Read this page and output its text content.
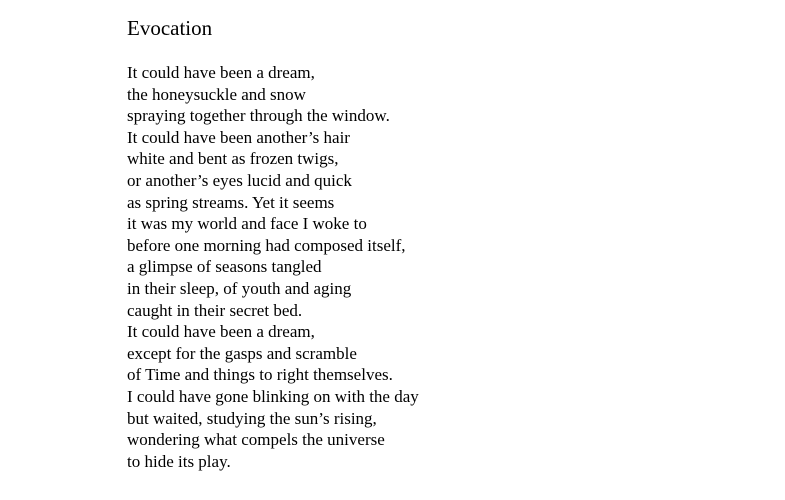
Evocation
It could have been a dream,
the honeysuckle and snow
spraying together through the window.
It could have been another’s hair
white and bent as frozen twigs,
or another’s eyes lucid and quick
as spring streams. Yet it seems
it was my world and face I woke to
before one morning had composed itself,
a glimpse of seasons tangled
in their sleep, of youth and aging
caught in their secret bed.
It could have been a dream,
except for the gasps and scramble
of Time and things to right themselves.
I could have gone blinking on with the day
but waited, studying the sun’s rising,
wondering what compels the universe
to hide its play.
